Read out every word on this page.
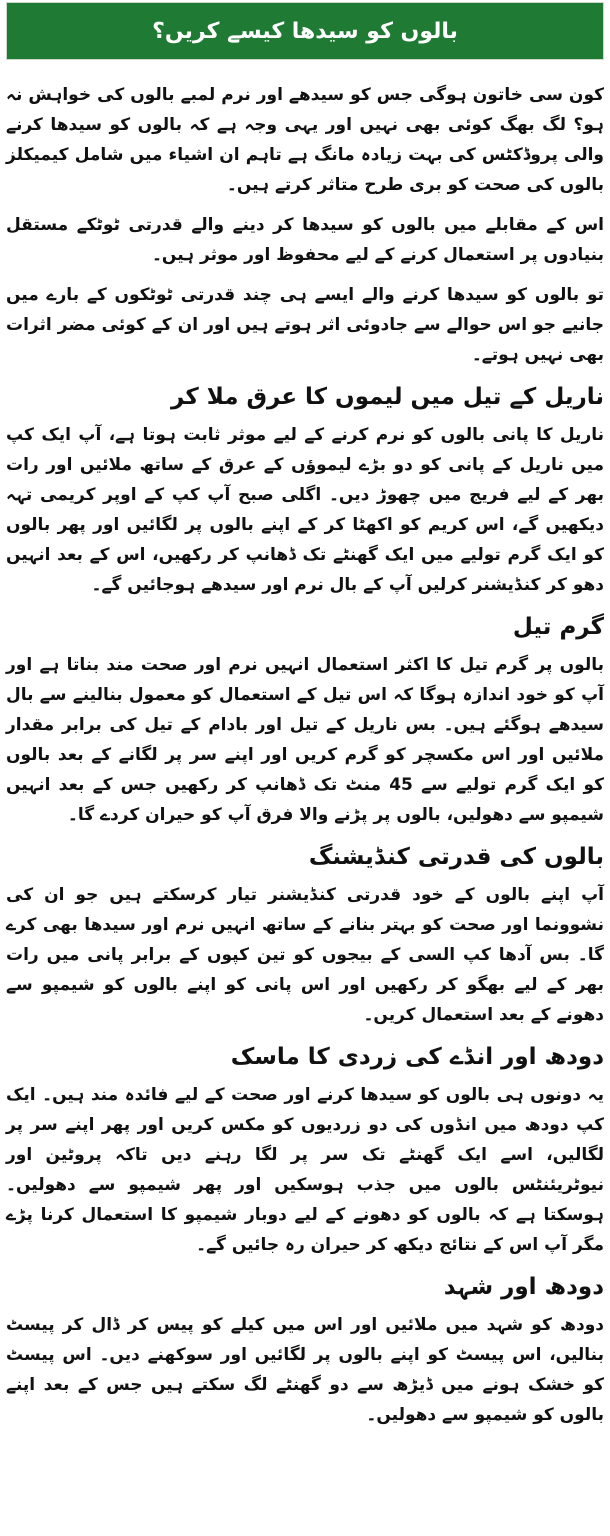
بالوں کو سیدھا کیسے کریں؟

کون سی خاتون ہوگی جس کو سیدھے اور نرم لمبے بالوں کی خواہش نہ ہو؟ لگ بھگ کوئی بھی نہیں اور یہی وجہ ہے کہ بالوں کو سیدھا کرنے والی پروڈکٹس کی بہت زیادہ مانگ ہے تاہم ان اشیاء میں شامل کیمیکلز بالوں کی صحت کو بری طرح متاثر کرتے ہیں۔

اس کے مقابلے میں بالوں کو سیدھا کر دینے والے قدرتی ٹوٹکے مستقل بنیادوں پر استعمال کرنے کے لیے محفوظ اور موثر ہیں۔

تو بالوں کو سیدھا کرنے والے ایسے ہی چند قدرتی ٹوٹکوں کے بارے میں جانیے جو اس حوالے سے جادوئی اثر ہوتے ہیں اور ان کے کوئی مضر اثرات بھی نہیں ہوتے۔

ناریل کے تیل میں لیموں کا عرق ملا کر

ناریل کا پانی بالوں کو نرم کرنے کے لیے موثر ثابت ہوتا ہے، آپ ایک کپ میں ناریل کے پانی کو دو بڑے لیموؤں کے عرق کے ساتھ ملائیں اور رات بھر کے لیے فریج میں چھوڑ دیں۔ اگلی صبح آپ کپ کے اوپر کریمی تہہ دیکھیں گے، اس کریم کو اکھٹا کر کے اپنے بالوں پر لگائیں اور پھر بالوں کو ایک گرم تولیے میں ایک گھنٹے تک ڈھانپ کر رکھیں، اس کے بعد انہیں دھو کر کنڈیشنر کرلیں آپ کے بال نرم اور سیدھے ہوجائیں گے۔

گرم تیل

بالوں پر گرم تیل کا اکثر استعمال انہیں نرم اور صحت مند بناتا ہے اور آپ کو خود اندازہ ہوگا کہ اس تیل کے استعمال کو معمول بنالینے سے بال سیدھے ہوگئے ہیں۔ بس ناریل کے تیل اور بادام کے تیل کی برابر مقدار ملائیں اور اس مکسچر کو گرم کریں اور اپنے سر پر لگانے کے بعد بالوں کو ایک گرم تولیے سے 45 منٹ تک ڈھانپ کر رکھیں جس کے بعد انہیں شیمپو سے دھولیں، بالوں پر پڑنے والا فرق آپ کو حیران کردے گا۔

بالوں کی قدرتی کنڈیشنگ

آپ اپنے بالوں کے خود قدرتی کنڈیشنر تیار کرسکتے ہیں جو ان کی نشوونما اور صحت کو بہتر بنانے کے ساتھ انہیں نرم اور سیدھا بھی کرے گا۔ بس آدھا کپ السی کے بیجوں کو تین کپوں کے برابر پانی میں رات بھر کے لیے بھگو کر رکھیں اور اس پانی کو اپنے بالوں کو شیمپو سے دھونے کے بعد استعمال کریں۔

دودھ اور انڈے کی زردی کا ماسک

یہ دونوں ہی بالوں کو سیدھا کرنے اور صحت کے لیے فائدہ مند ہیں۔ ایک کپ دودھ میں انڈوں کی دو زردیوں کو مکس کریں اور پھر اپنے سر پر لگالیں، اسے ایک گھنٹے تک سر پر لگا رہنے دیں تاکہ پروٹین اور نیوٹریئنٹس بالوں میں جذب ہوسکیں اور پھر شیمپو سے دھولیں۔ ہوسکتا ہے کہ بالوں کو دھونے کے لیے دوبار شیمپو کا استعمال کرنا پڑے مگر آپ اس کے نتائج دیکھ کر حیران رہ جائیں گے۔

دودھ اور شہد

دودھ کو شہد میں ملائیں اور اس میں کیلے کو پیس کر ڈال کر پیسٹ بنالیں، اس پیسٹ کو اپنے بالوں پر لگائیں اور سوکھنے دیں۔ اس پیسٹ کو خشک ہونے میں ڈیڑھ سے دو گھنٹے لگ سکتے ہیں جس کے بعد اپنے بالوں کو شیمپو سے دھولیں۔
